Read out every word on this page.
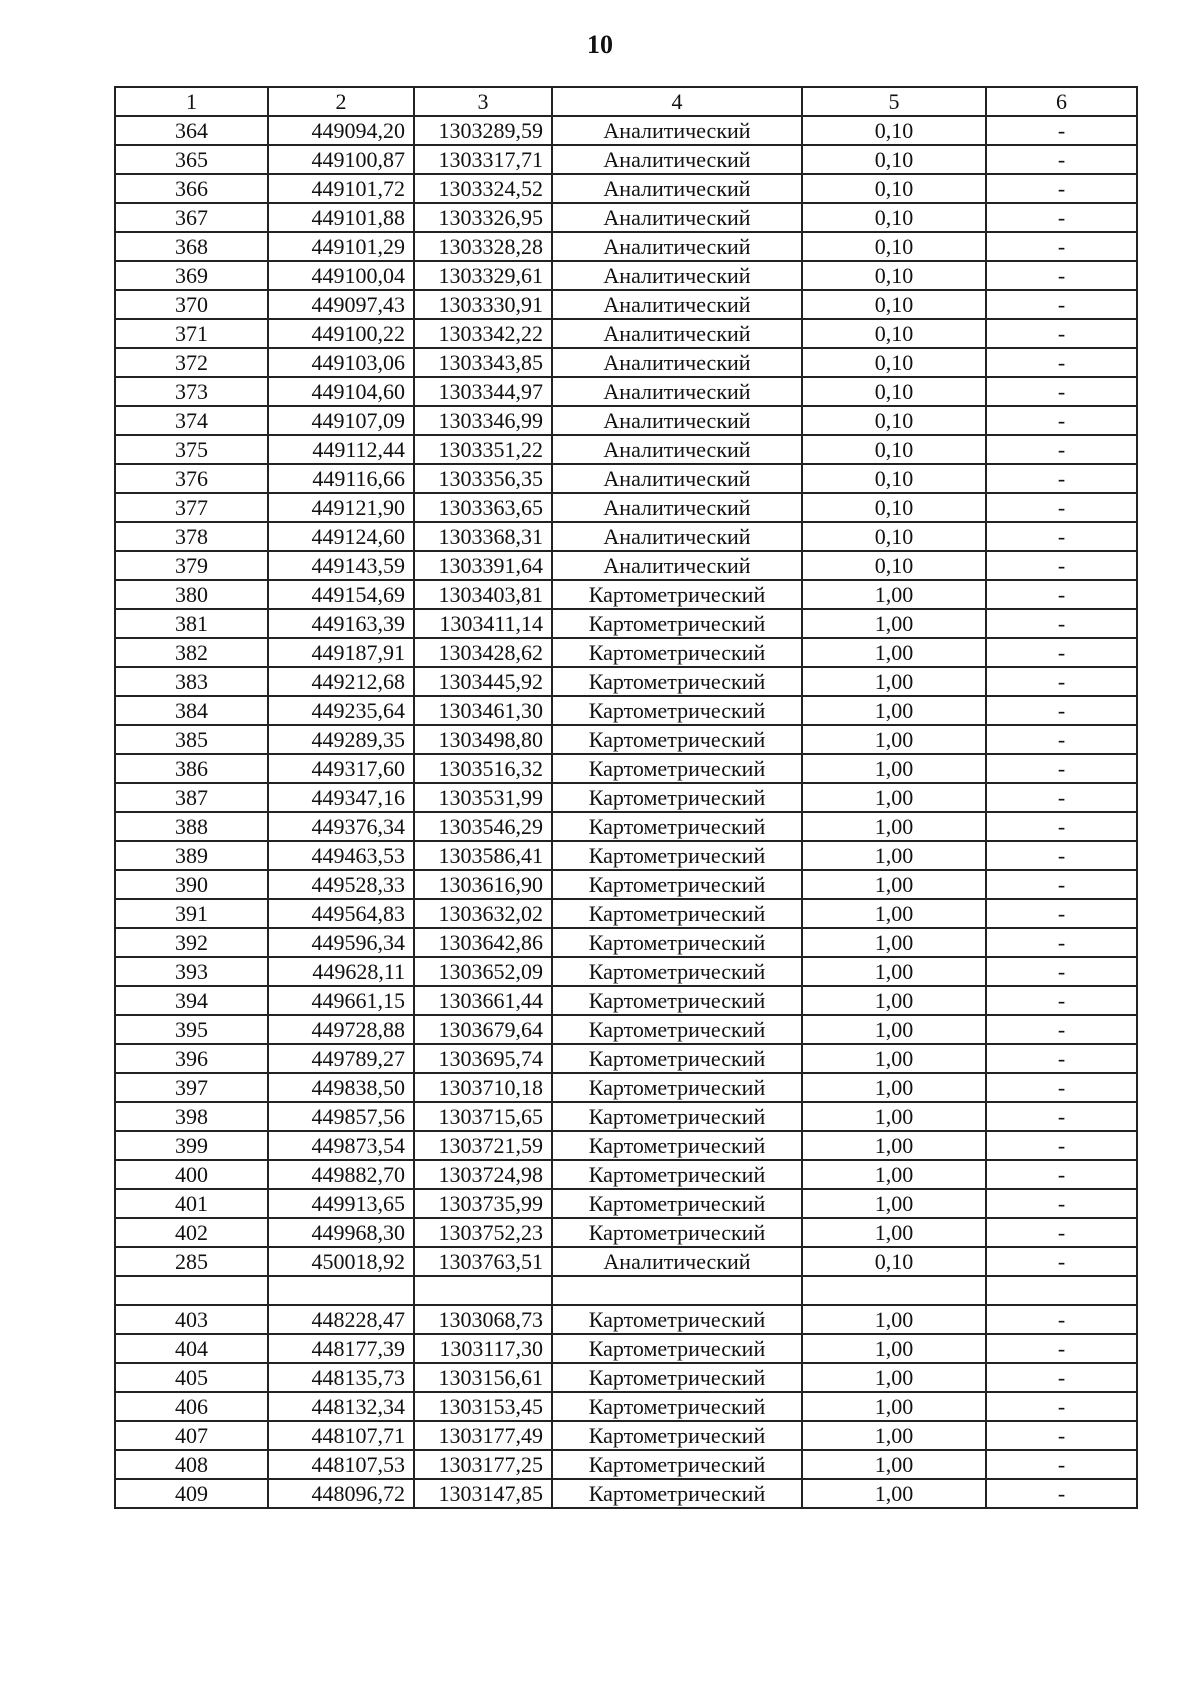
10
1	2	3	4	5	6
364	449094,20	1303289,59	Аналитический	0,10	-
365	449100,87	1303317,71	Аналитический	0,10	-
366	449101,72	1303324,52	Аналитический	0,10	-
367	449101,88	1303326,95	Аналитический	0,10	-
368	449101,29	1303328,28	Аналитический	0,10	-
369	449100,04	1303329,61	Аналитический	0,10	-
370	449097,43	1303330,91	Аналитический	0,10	-
371	449100,22	1303342,22	Аналитический	0,10	-
372	449103,06	1303343,85	Аналитический	0,10	-
373	449104,60	1303344,97	Аналитический	0,10	-
374	449107,09	1303346,99	Аналитический	0,10	-
375	449112,44	1303351,22	Аналитический	0,10	-
376	449116,66	1303356,35	Аналитический	0,10	-
377	449121,90	1303363,65	Аналитический	0,10	-
378	449124,60	1303368,31	Аналитический	0,10	-
379	449143,59	1303391,64	Аналитический	0,10	-
380	449154,69	1303403,81	Картометрический	1,00	-
381	449163,39	1303411,14	Картометрический	1,00	-
382	449187,91	1303428,62	Картометрический	1,00	-
383	449212,68	1303445,92	Картометрический	1,00	-
384	449235,64	1303461,30	Картометрический	1,00	-
385	449289,35	1303498,80	Картометрический	1,00	-
386	449317,60	1303516,32	Картометрический	1,00	-
387	449347,16	1303531,99	Картометрический	1,00	-
388	449376,34	1303546,29	Картометрический	1,00	-
389	449463,53	1303586,41	Картометрический	1,00	-
390	449528,33	1303616,90	Картометрический	1,00	-
391	449564,83	1303632,02	Картометрический	1,00	-
392	449596,34	1303642,86	Картометрический	1,00	-
393	449628,11	1303652,09	Картометрический	1,00	-
394	449661,15	1303661,44	Картометрический	1,00	-
395	449728,88	1303679,64	Картометрический	1,00	-
396	449789,27	1303695,74	Картометрический	1,00	-
397	449838,50	1303710,18	Картометрический	1,00	-
398	449857,56	1303715,65	Картометрический	1,00	-
399	449873,54	1303721,59	Картометрический	1,00	-
400	449882,70	1303724,98	Картометрический	1,00	-
401	449913,65	1303735,99	Картометрический	1,00	-
402	449968,30	1303752,23	Картометрический	1,00	-
285	450018,92	1303763,51	Аналитический	0,10	-

403	448228,47	1303068,73	Картометрический	1,00	-
404	448177,39	1303117,30	Картометрический	1,00	-
405	448135,73	1303156,61	Картометрический	1,00	-
406	448132,34	1303153,45	Картометрический	1,00	-
407	448107,71	1303177,49	Картометрический	1,00	-
408	448107,53	1303177,25	Картометрический	1,00	-
409	448096,72	1303147,85	Картометрический	1,00	-
